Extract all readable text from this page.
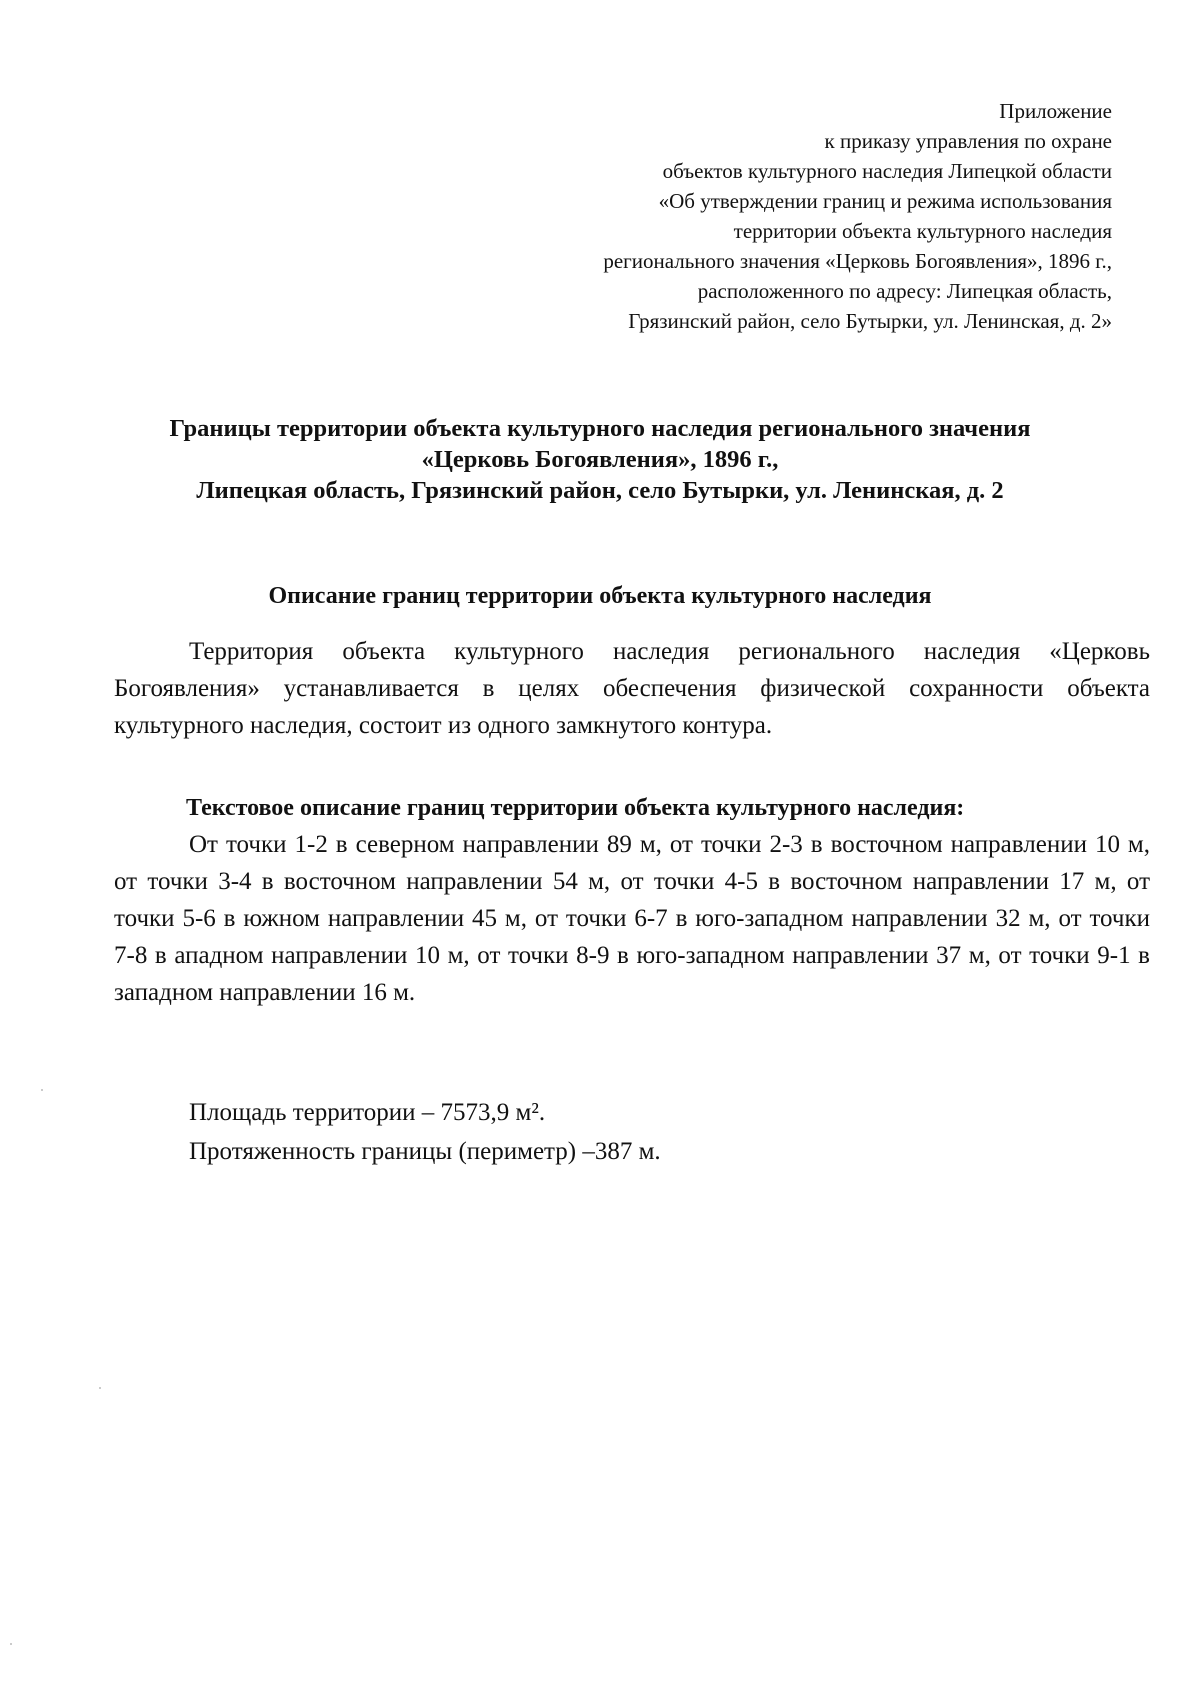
Приложение
к приказу управления по охране
объектов культурного наследия Липецкой области
«Об утверждении границ и режима использования
территории объекта культурного наследия
регионального значения «Церковь Богоявления», 1896 г.,
расположенного по адресу: Липецкая область,
Грязинский район, село Бутырки, ул. Ленинская, д. 2»
Границы территории объекта культурного наследия регионального значения
«Церковь Богоявления», 1896 г.,
Липецкая область, Грязинский район, село Бутырки, ул. Ленинская, д. 2
Описание границ территории объекта культурного наследия

Территория объекта культурного наследия регионального наследия «Церковь Богоявления» устанавливается в целях обеспечения физической сохранности объекта культурного наследия, состоит из одного замкнутого контура.

Текстовое описание границ территории объекта культурного наследия:

От точки 1-2 в северном направлении 89 м, от точки 2-3 в восточном направлении 10 м, от точки 3-4 в восточном направлении 54 м, от точки 4-5 в восточном направлении 17 м, от точки 5-6 в южном направлении 45 м, от точки 6-7 в юго-западном направлении 32 м, от точки 7-8 в ападном направлении 10 м, от точки 8-9 в юго-западном направлении 37 м, от точки 9-1 в западном направлении 16 м.

Площадь территории – 7573,9 м².
Протяженность границы (периметр) –387 м.
